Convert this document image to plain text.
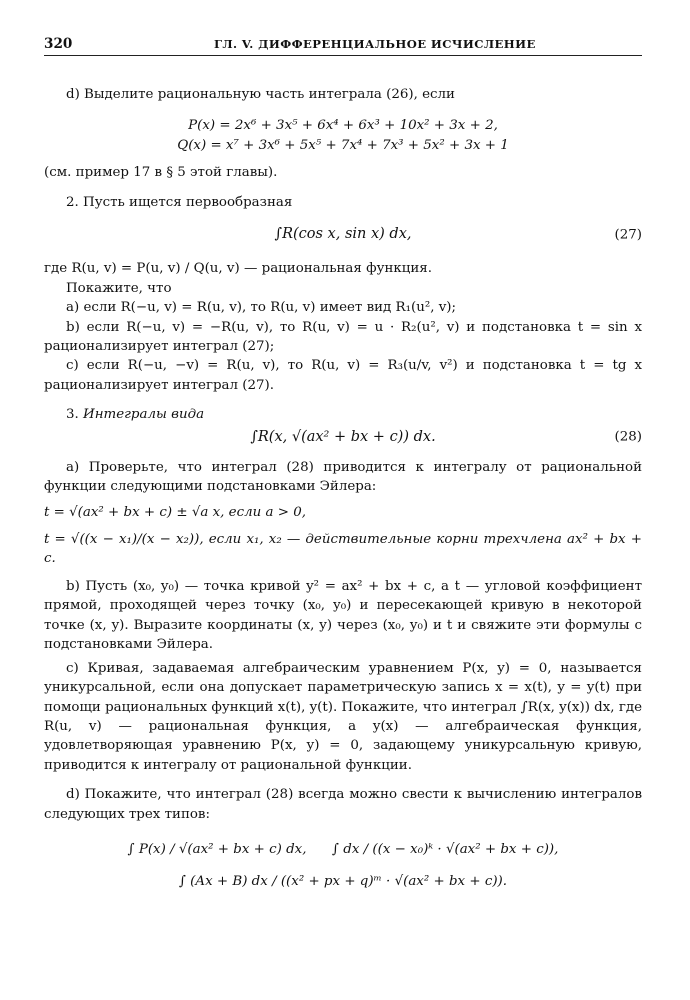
320	ГЛ. V. ДИФФЕРЕНЦИАЛЬНОЕ ИСЧИСЛЕНИЕ

d) Выделите рациональную часть интеграла (26), если

P(x) = 2x⁶ + 3x⁵ + 6x⁴ + 6x³ + 10x² + 3x + 2,
Q(x) = x⁷ + 3x⁶ + 5x⁵ + 7x⁴ + 7x³ + 5x² + 3x + 1

(см. пример 17 в § 5 этой главы).

2. Пусть ищется первообразная

∫R(cos x, sin x) dx,	(27)

где R(u, v) = P(u, v) / Q(u, v) — рациональная функция.

Покажите, что

a) если R(−u, v) = R(u, v), то R(u, v) имеет вид R₁(u², v);

b) если R(−u, v) = −R(u, v), то R(u, v) = u · R₂(u², v) и подстановка t = sin x рационализирует интеграл (27);

c) если R(−u, −v) = R(u, v), то R(u, v) = R₃(u/v, v²) и подстановка t = tg x рационализирует интеграл (27).

3. Интегралы вида

∫R(x, √(ax² + bx + c)) dx.	(28)

a) Проверьте, что интеграл (28) приводится к интегралу от рациональной функции следующими подстановками Эйлера:

t = √(ax² + bx + c) ± √a x, если a > 0,

t = √((x − x₁)/(x − x₂)), если x₁, x₂ — действительные корни трехчлена ax² + bx + c.

b) Пусть (x₀, y₀) — точка кривой y² = ax² + bx + c, a t — угловой коэффициент прямой, проходящей через точку (x₀, y₀) и пересекающей кривую в некоторой точке (x, y). Выразите координаты (x, y) через (x₀, y₀) и t и свяжите эти формулы с подстановками Эйлера.

c) Кривая, задаваемая алгебраическим уравнением P(x, y) = 0, называется уникурсальной, если она допускает параметрическую запись x = x(t), y = y(t) при помощи рациональных функций x(t), y(t). Покажите, что интеграл ∫R(x, y(x)) dx, где R(u, v) — рациональная функция, а y(x) — алгебраическая функция, удовлетворяющая уравнению P(x, y) = 0, задающему уникурсальную кривую, приводится к интегралу от рациональной функции.

d) Покажите, что интеграл (28) всегда можно свести к вычислению интегралов следующих трех типов:

∫ P(x) / √(ax² + bx + c) dx, ∫ dx / ((x − x₀)ᵏ · √(ax² + bx + c)),
∫ (Ax + B) dx / ((x² + px + q)ᵐ · √(ax² + bx + c)).
